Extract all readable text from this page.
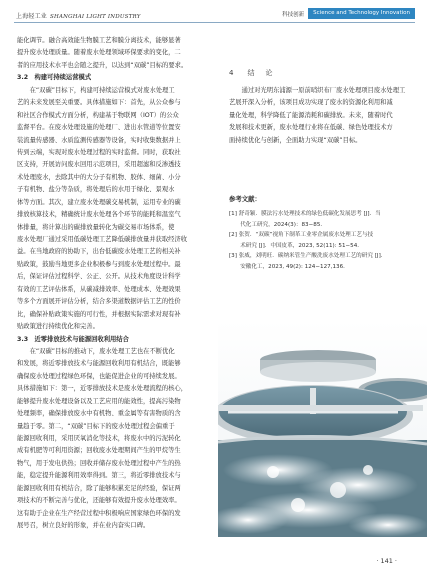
上海轻工业 SHANGHAI LIGHT INDUSTRY	科技创新	Science and Technology Innovation
能化调节。融合高效能生物膜工艺和膜分离技术，能够显著
提升废水处理质量。随着废水处理领域环保要求的变化，二
者的应用技术水平也会随之提升，以达到“双碳”目标的要求。
3.2　构建可持续运营模式
　　在“双碳”目标下，构建可持续运营模式对废水处理工
艺的未来发展至关重要。具体措施如下：首先，从公众参与
和社区合作模式方面分析，构建基于物联网（IOT）的公众
监督平台。在废水处理设施的处理厂、进出水管道等位置安
装流量传感器、水质监测传感器等设备，实时收集数据并上
传到云端，实现对废水处理过程的实时监督。同时，获取社
区支持，开展访问废水回用示范项目，采用超滤和反渗透技
术处理废水，去除其中的大分子有机物、胶体、细菌、小分
子有机物、盐分等杂质，将处理后的水用于绿化、景观水
体等方面。其次，建立废水处理碳交易机制，运用专业的碳
排放核算技术，精确统计废水处理各个环节的能耗和温室气
体排量，将计算出的碳排放量转化为碳交易市场体系，使
废水处理厂通过采用低碳处理工艺降低碳排放量并获取经济收
益。在当地政府的协助下，出台低碳废水处理工艺的相关补
贴政策，鼓励当地更多企业积极参与到废水处理过程中。最
后，保证评估过程科学、公正、公开。从技术角度设计科学
有效的工艺评估体系，从碳减排效率、处理成本、处理效果
等多个方面展开评估分析，结合多渠道数据评估工艺的性价
比，确保补贴政策实施的可行性，并根据实际需求对现有补
贴政策进行持续优化和完善。
3.3　近零排放技术与能源回收利用结合
　　在“双碳”目标的推动下，废水处理工艺也在不断优化
和发展，将近零排放技术与能源回收利用有机结合，既能够
确保废水处理过程绿色环保，也能促进企业的可持续发展。
具体措施如下：第一，近零排放技术是废水处理流程的核心，
能够提升废水处理设备以及工艺应用的能效性，提高污染物
处理频率，确保排放废水中有机物、重金属等有害物质的含
量趋于零。第二，“双碳”目标下的废水处理过程会偏重于
能源回收利用，采用厌氧消化等技术，将废水中的污泥转化
成有机肥等可利用资源；回收废水处理期间产生的甲烷等生
物气，用于发电供热；回收并储存废水处理过程中产生的热
能，稳定提升能源利用效率得到。第三，将近零排放技术与
能源回收利用有机结合，除了能够积累充足的经验，保证两
项技术的不断完善与优化，还能够有效提升废水处理效率。
这有助于企业在生产经营过程中积极响应国家绿色环保的发
展号召，树立良好的形象，并在业内奋实口碑。
4 结　论
　　通过对光明东浦源一原前哨织布厂废水处理项目废水处理工
艺展开深入分析，该项目成功实现了废水的资源化利用和减
量化处理，科学降低了能源消耗和碳排放。未来，随着时代
发展和技术更新，废水处理行业将在低碳、绿色处理技术方
面持续优化与创新，全面助力实现“双碳”目标。
参考文献：
[1] 舒奇颖．膜法污水处理技术的绿色低碳化发展思考 [J]．当
　　代化工研究，2024(3)：83−85．
[2] 张贺．“双碳”视角下制革工业零企属废水处理工艺与技
　　术研究 [J]．中国皮革，2023, 52(11): 51−54．
[3] 张威，刘明旺．碳纳米管生产酸洗废水处理工艺的研究 [J]．
　　安徽化工，2023, 49(2): 124−127,136．
· 141 ·
